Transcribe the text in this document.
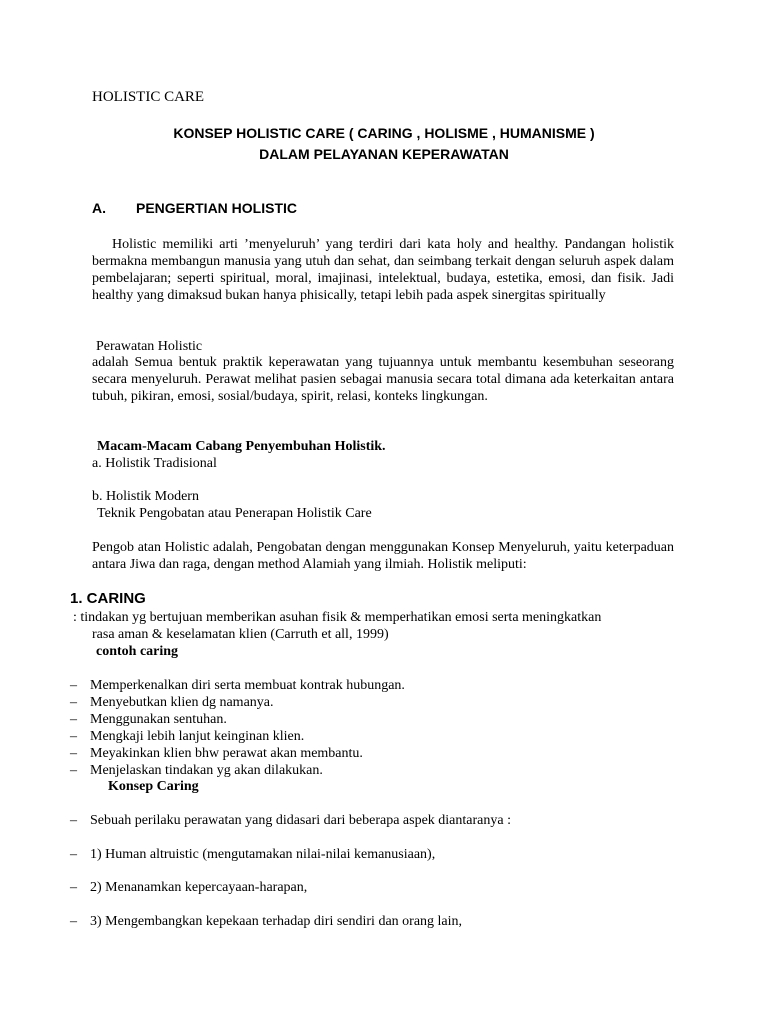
HOLISTIC CARE
KONSEP HOLISTIC CARE ( CARING , HOLISME , HUMANISME )
DALAM PELAYANAN KEPERAWATAN
A. PENGERTIAN HOLISTIC
Holistic memiliki arti ’menyeluruh’ yang terdiri dari kata holy and healthy. Pandangan holistik bermakna membangun manusia yang utuh dan sehat, dan seimbang terkait dengan seluruh aspek dalam pembelajaran; seperti spiritual, moral, imajinasi, intelektual, budaya, estetika, emosi, dan fisik. Jadi healthy yang dimaksud bukan hanya phisically, tetapi lebih pada aspek sinergitas spiritually
Perawatan Holistic
adalah Semua bentuk praktik keperawatan yang tujuannya untuk membantu kesembuhan seseorang secara menyeluruh. Perawat melihat pasien sebagai manusia secara total dimana ada keterkaitan antara tubuh, pikiran, emosi, sosial/budaya, spirit, relasi, konteks lingkungan.
Macam-Macam Cabang Penyembuhan Holistik.
a. Holistik Tradisional
b. Holistik Modern
Teknik Pengobatan atau Penerapan Holistik Care
Pengob atan Holistic adalah, Pengobatan dengan menggunakan Konsep Menyeluruh, yaitu keterpaduan antara Jiwa dan raga, dengan method Alamiah yang ilmiah. Holistik meliputi:
1. CARING
: tindakan yg bertujuan memberikan asuhan fisik & memperhatikan emosi serta meningkatkan
rasa aman & keselamatan klien (Carruth et all, 1999)
contoh caring
– Memperkenalkan diri serta membuat kontrak hubungan.
– Menyebutkan klien dg namanya.
– Menggunakan sentuhan.
– Mengkaji lebih lanjut keinginan klien.
– Meyakinkan klien bhw perawat akan membantu.
– Menjelaskan tindakan yg akan dilakukan.
Konsep Caring
– Sebuah perilaku perawatan yang didasari dari beberapa aspek diantaranya :
– 1) Human altruistic (mengutamakan nilai-nilai kemanusiaan),
– 2) Menanamkan kepercayaan-harapan,
– 3) Mengembangkan kepekaan terhadap diri sendiri dan orang lain,
